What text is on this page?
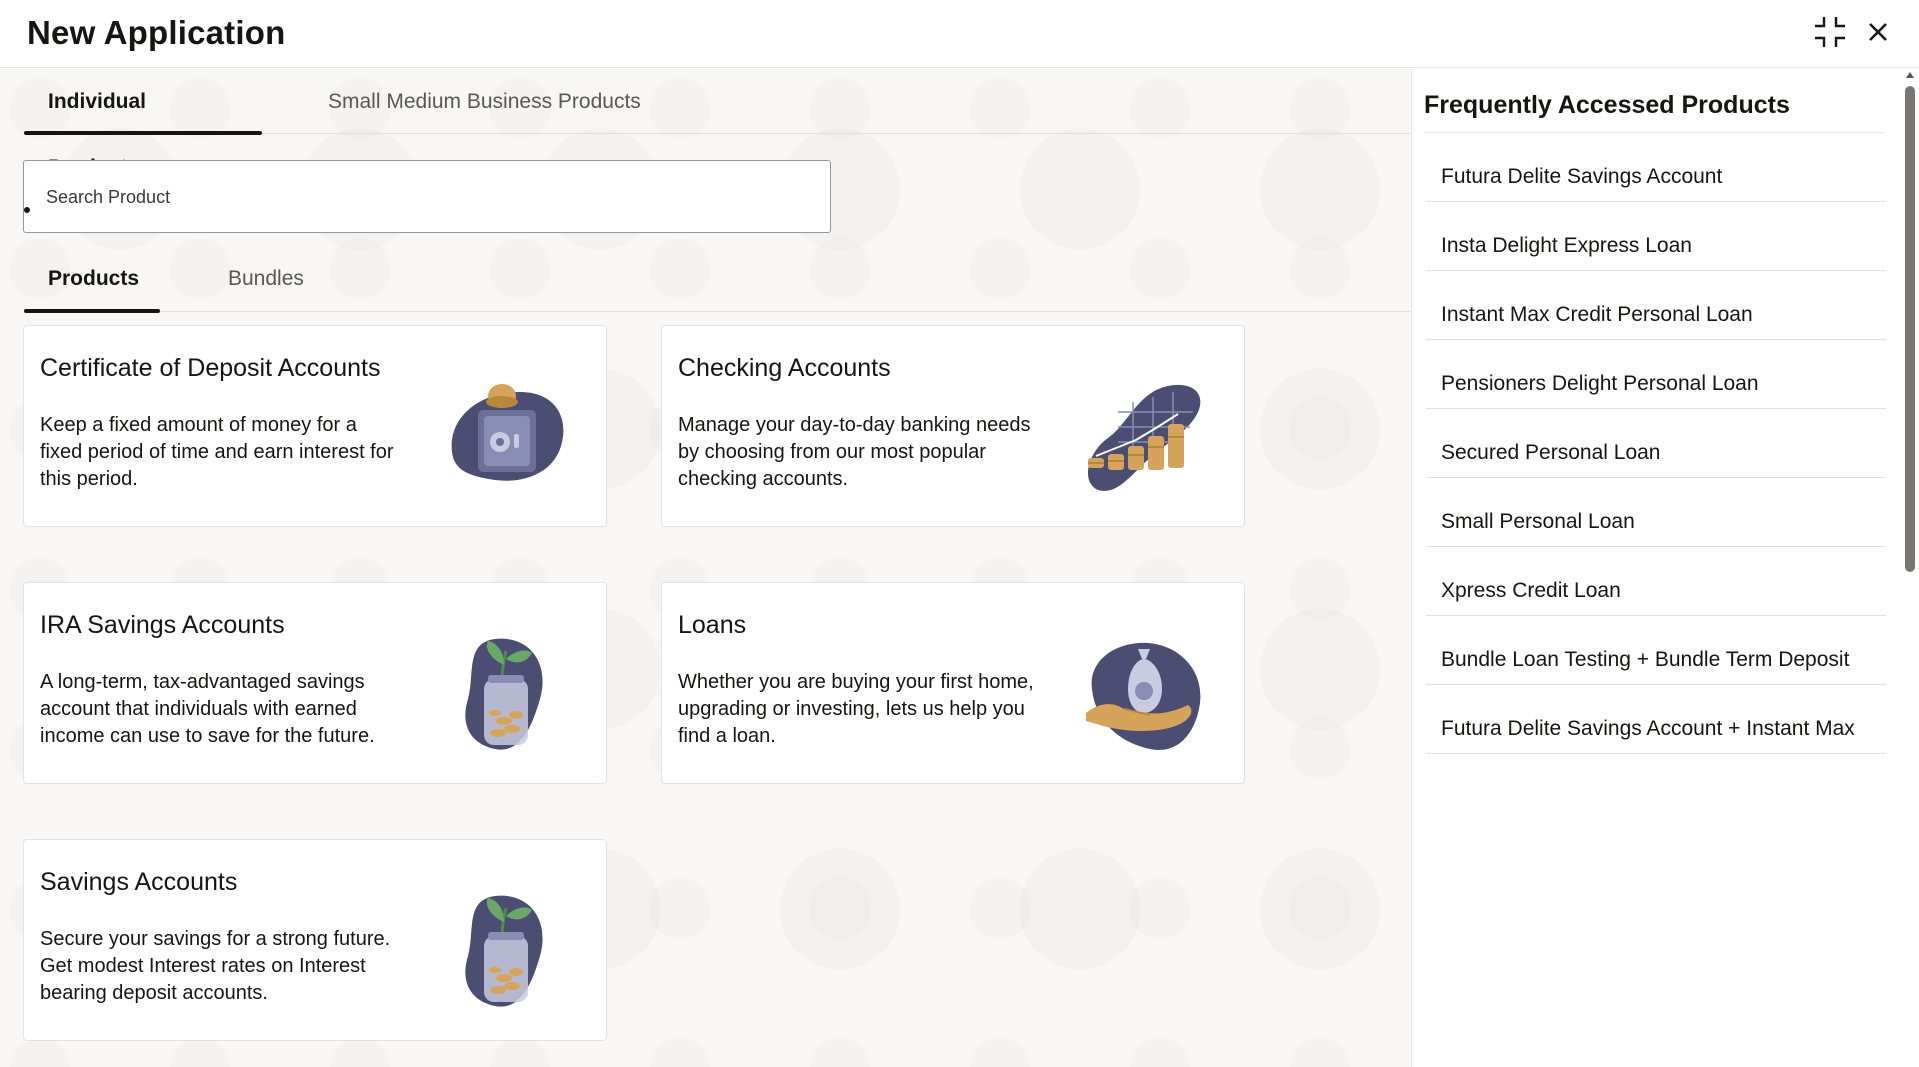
New Application
Individual	Small Medium Business Products
Search Product
Products	Bundles
Certificate of Deposit Accounts
Keep a fixed amount of money for a fixed period of time and earn interest for this period.
Checking Accounts
Manage your day-to-day banking needs by choosing from our most popular checking accounts.
IRA Savings Accounts
A long-term, tax-advantaged savings account that individuals with earned income can use to save for the future.
Loans
Whether you are buying your first home, upgrading or investing, lets us help you find a loan.
Savings Accounts
Secure your savings for a strong future. Get modest Interest rates on Interest bearing deposit accounts.
Frequently Accessed Products
Futura Delite Savings Account
Insta Delight Express Loan
Instant Max Credit Personal Loan
Pensioners Delight Personal Loan
Secured Personal Loan
Small Personal Loan
Xpress Credit Loan
Bundle Loan Testing + Bundle Term Deposit
Futura Delite Savings Account + Instant Max
